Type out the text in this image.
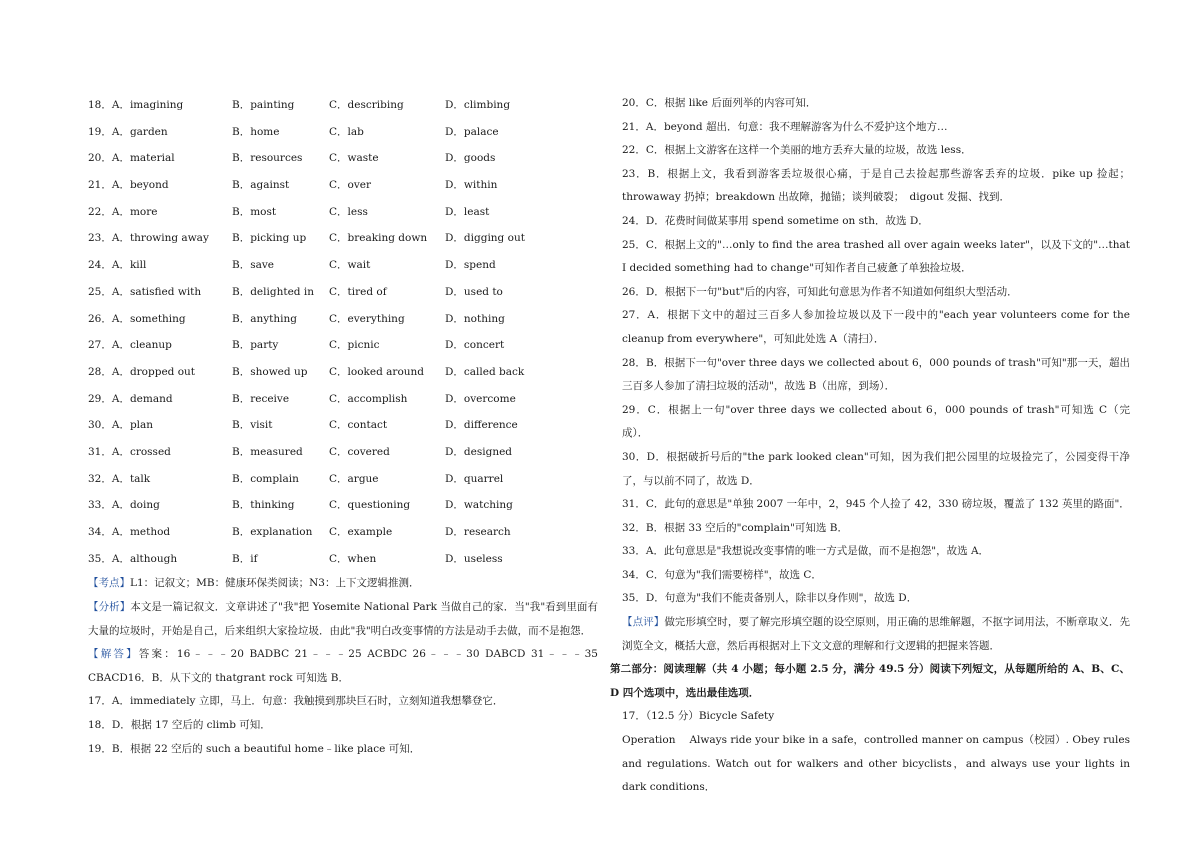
18．A．imagining	B．painting	C．describing	D．climbing
19．A．garden	B．home	C．lab	D．palace
20．A．material	B．resources	C．waste	D．goods
21．A．beyond	B．against	C．over	D．within
22．A．more	B．most	C．less	D．least
23．A．throwing away B．picking up C．breaking down D．digging out
24．A．kill	B．save	C．wait	D．spend
25．A．satisfied with	B．delighted in C．tired of	D．used to
26．A．something	B．anything	C．everything	D．nothing
27．A．cleanup	B．party	C．picnic	D．concert
28．A．dropped out	B．showed up C．looked around D．called back
29．A．demand	B．receive	C．accomplish	D．overcome
30．A．plan	B．visit	C．contact	D．difference
31．A．crossed	B．measured C．covered	D．designed
32．A．talk	B．complain	C．argue	D．quarrel
33．A．doing	B．thinking	C．questioning	D．watching
34．A．method	B．explanation C．example	D．research
35．A．although	B．if	C．when	D．useless

【考点】L1：记叙文；MB：健康环保类阅读；N3：上下文逻辑推测．

【分析】本文是一篇记叙文．文章讲述了"我"把 Yosemite National Park 当做自己的家．当"我"看到里面有大量的垃圾时，开始是自己，后来组织大家捡垃圾．由此"我"明白改变事情的方法是动手去做，而不是抱怨．

【解答】答案：16﹣﹣﹣20 BADBC 21﹣﹣﹣25 ACBDC 26﹣﹣﹣30 DABCD 31﹣﹣﹣35 CBACD16．B．从下文的 thatgrant rock 可知选 B．

17．A．immediately 立即，马上．句意：我触摸到那块巨石时，立刻知道我想攀登它．

18．D．根据 17 空后的 climb 可知．

19．B．根据 22 空后的 such a beautiful home﹣like place 可知．

20．C．根据 like 后面列举的内容可知．

21．A．beyond 超出．句意：我不理解游客为什么不爱护这个地方…

22．C．根据上文游客在这样一个美丽的地方丢弃大量的垃圾，故选 less．

23．B．根据上文，我看到游客丢垃圾很心痛，于是自己去捡起那些游客丢弃的垃圾．pike up 捡起；throwaway 扔掉；breakdown 出故障，抛锚；谈判破裂；　digout 发掘、找到．

24．D．花费时间做某事用 spend sometime on sth．故选 D．

25．C．根据上文的"…only to find the area trashed all over again weeks later"，以及下文的"…that I decided something had to change"可知作者自己疲惫了单独捡垃圾．

26．D．根据下一句"but"后的内容，可知此句意思为作者不知道如何组织大型活动．

27．A．根据下文中的超过三百多人参加捡垃圾以及下一段中的"each year volunteers come for the cleanup from everywhere"，可知此处选 A（清扫）．

28．B．根据下一句"over three days we collected about 6，000 pounds of trash"可知"那一天，超出三百多人参加了清扫垃圾的活动"，故选 B（出席，到场）．

29．C．根据上一句"over three days we collected about 6，000 pounds of trash"可知选 C（完成）．

30．D．根据破折号后的"the park looked clean"可知，因为我们把公园里的垃圾捡完了，公园变得干净了，与以前不同了，故选 D．

31．C．此句的意思是"单独 2007 一年中，2，945 个人捡了 42，330 磅垃圾，覆盖了 132 英里的路面"．

32．B．根据 33 空后的"complain"可知选 B．

33．A．此句意思是"我想说改变事情的唯一方式是做，而不是抱怨"，故选 A．

34．C．句意为"我们需要榜样"，故选 C．

35．D．句意为"我们不能责备别人，除非以身作则"，故选 D．

【点评】做完形填空时，要了解完形填空题的设空原则，用正确的思维解题，不抠字词用法，不断章取义．先浏览全文，概括大意，然后再根据对上下文文意的理解和行文逻辑的把握来答题．

第二部分：阅读理解（共 4 小题；每小题 2.5 分，满分 49.5 分）阅读下列短文，从每题所给的 A、B、C、D 四个选项中，选出最佳选项．

17．（12.5 分）Bicycle Safety

Operation　 Always ride your bike in a safe，controlled manner on campus（校园）. Obey rules and regulations. Watch out for walkers and other bicyclists，and always use your lights in dark conditions．
